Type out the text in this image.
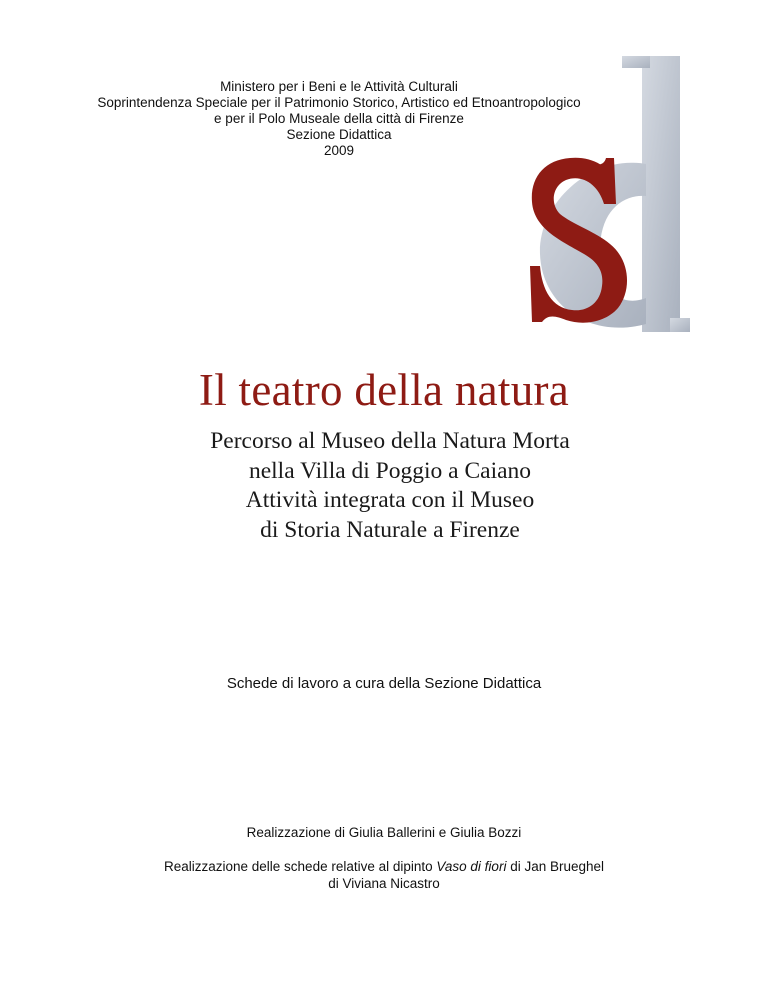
Ministero per i Beni e le Attività Culturali
Soprintendenza Speciale per il Patrimonio Storico, Artistico ed Etnoantropologico
e per il Polo Museale della città di Firenze
Sezione Didattica
2009
Il teatro della natura
Percorso al Museo della Natura Morta
nella Villa di Poggio a Caiano
Attività integrata con il Museo
di Storia Naturale a Firenze
Schede di lavoro a cura della Sezione Didattica
Realizzazione di Giulia Ballerini e Giulia Bozzi
Realizzazione delle schede relative al dipinto Vaso di fiori di Jan Brueghel
di Viviana Nicastro
